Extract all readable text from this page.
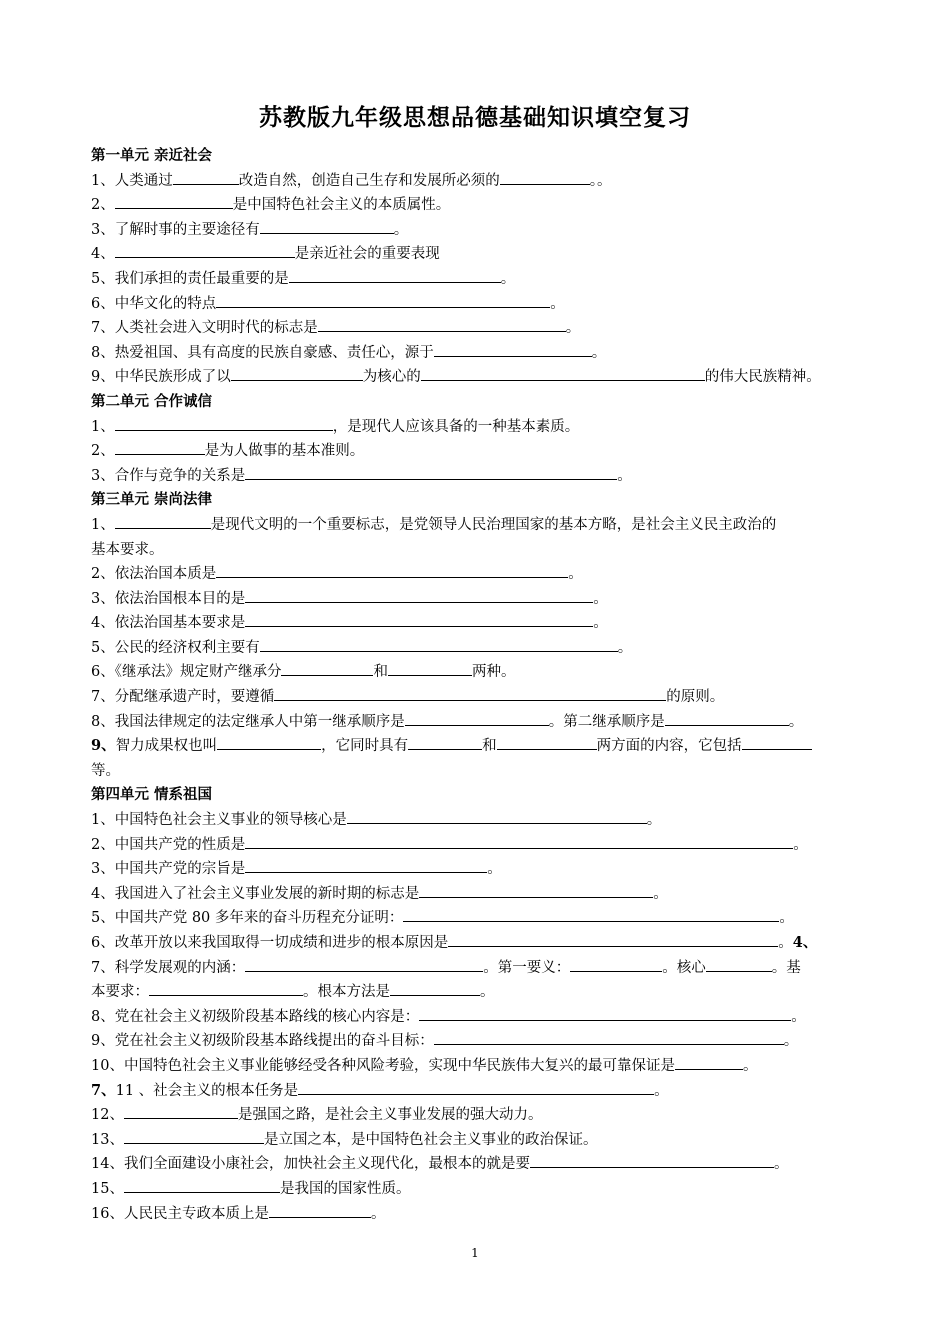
苏教版九年级思想品德基础知识填空复习
第一单元 亲近社会
1、人类通过	改造自然，创造自己生存和发展所必须的	。。
2、	是中国特色社会主义的本质属性。
3、了解时事的主要途径有	。
4、	是亲近社会的重要表现
5、我们承担的责任最重要的是	。
6、中华文化的特点	。
7、人类社会进入文明时代的标志是	。
8、热爱祖国、具有高度的民族自豪感、责任心，源于	。
9、中华民族形成了以	为核心的	的伟大民族精神。
第二单元 合作诚信
1、	，是现代人应该具备的一种基本素质。
2、	是为人做事的基本准则。
3、合作与竞争的关系是	。
第三单元 崇尚法律
1、	是现代文明的一个重要标志，是党领导人民治理国家的基本方略，是社会主义民主政治的
基本要求。
2、依法治国本质是	。
3、依法治国根本目的是	。
4、依法治国基本要求是	。
5、公民的经济权利主要有	。
6、《继承法》规定财产继承分	和	两种。
7、分配继承遗产时，要遵循	的原则。
8、我国法律规定的法定继承人中第一继承顺序是	。第二继承顺序是	。
9、智力成果权也叫	，它同时具有	和	两方面的内容，它包括
等。
第四单元 情系祖国
1、中国特色社会主义事业的领导核心是	。
2、中国共产党的性质是	。
3、中国共产党的宗旨是	。
4、我国进入了社会主义事业发展的新时期的标志是	。
5、中国共产党 80 多年来的奋斗历程充分证明：	。
6、改革开放以来我国取得一切成绩和进步的根本原因是	。4、
7、科学发展观的内涵：	。第一要义：	。核心	。基
本要求：	。根本方法是	。
8、党在社会主义初级阶段基本路线的核心内容是：	。
9、党在社会主义初级阶段基本路线提出的奋斗目标：	。
10、中国特色社会主义事业能够经受各种风险考验，实现中华民族伟大复兴的最可靠保证是	。
7、11 、社会主义的根本任务是	。
12、	是强国之路，是社会主义事业发展的强大动力。
13、	是立国之本，是中国特色社会主义事业的政治保证。
14、我们全面建设小康社会，加快社会主义现代化，最根本的就是要	。
15、	是我国的国家性质。
16、人民民主专政本质上是	。
1
